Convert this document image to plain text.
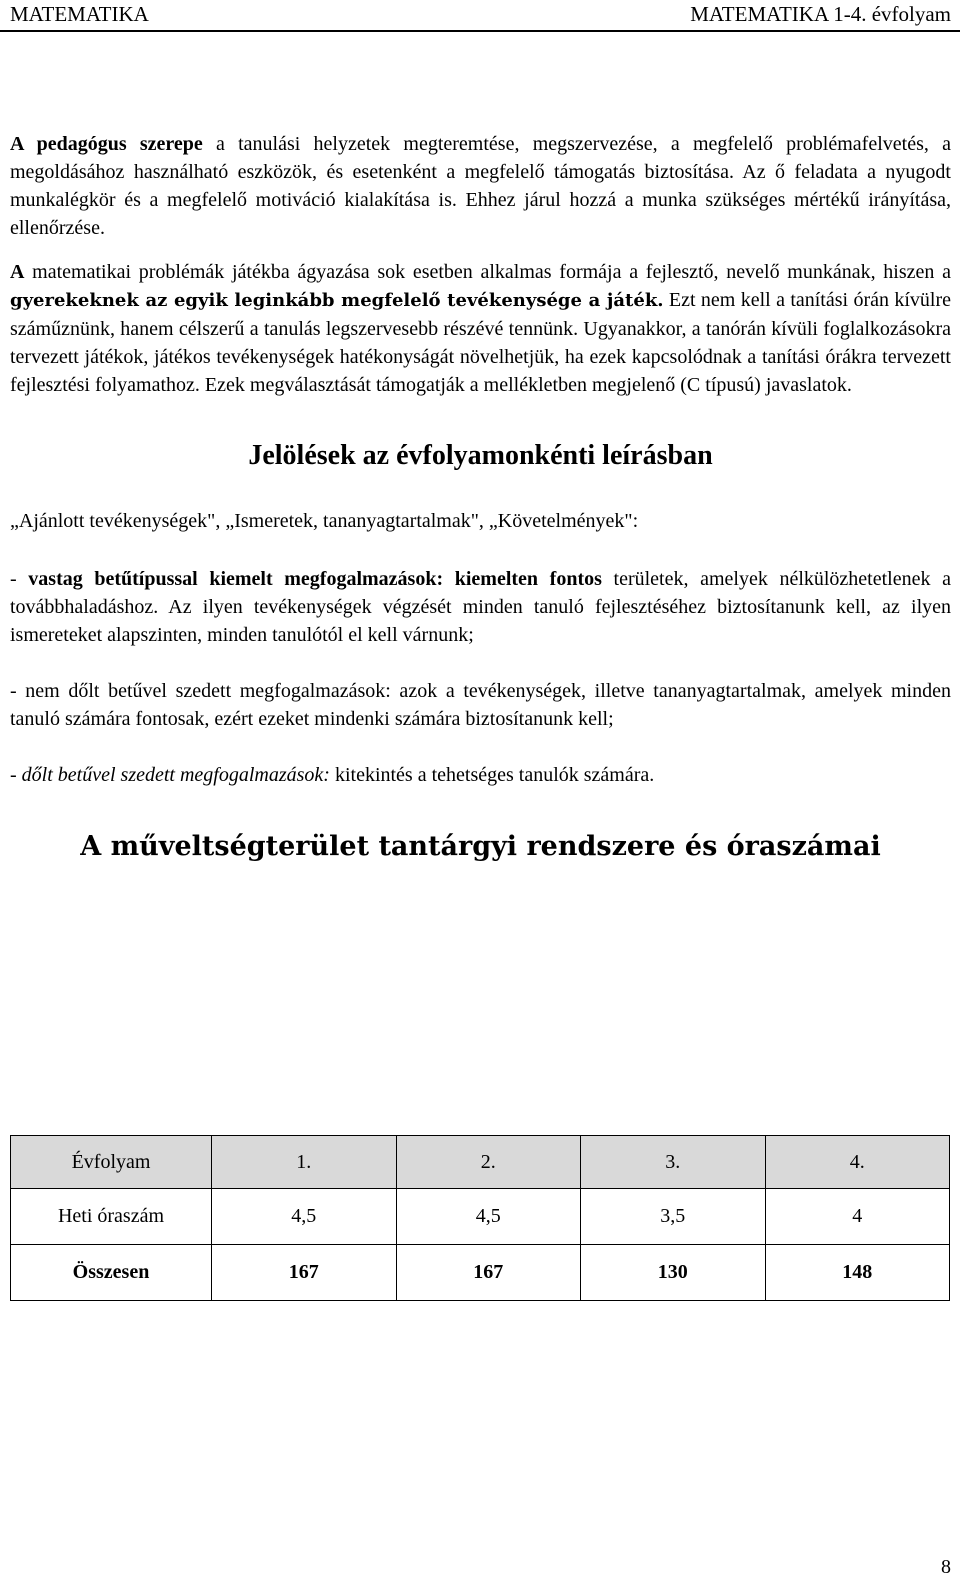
MATEMATIKA	MATEMATIKA 1-4. évfolyam

A pedagógus szerepe a tanulási helyzetek megteremtése, megszervezése, a megfelelő problémafelvetés, a megoldásához használható eszközök, és esetenként a megfelelő támogatás biztosítása. Az ő feladata a nyugodt munkalégkör és a megfelelő motiváció kialakítása is. Ehhez járul hozzá a munka szükséges mértékű irányítása, ellenőrzése.

A matematikai problémák játékba ágyazása sok esetben alkalmas formája a fejlesztő, nevelő munkának, hiszen a gyerekeknek az egyik leginkább megfelelő tevékenysége a játék. Ezt nem kell a tanítási órán kívülre száműznünk, hanem célszerű a tanulás legszervesebb részévé tennünk. Ugyanakkor, a tanórán kívüli foglalkozásokra tervezett játékok, játékos tevékenységek hatékonyságát növelhetjük, ha ezek kapcsolódnak a tanítási órákra tervezett fejlesztési folyamathoz. Ezek megválasztását támogatják a mellékletben megjelenő (C típusú) javaslatok.

Jelölések az évfolyamonkénti leírásban

„Ajánlott tevékenységek", „Ismeretek, tananyagtartalmak", „Követelmények":

- vastag betűtípussal kiemelt megfogalmazások: kiemelten fontos területek, amelyek nélkülözhetetlenek a továbbhaladáshoz. Az ilyen tevékenységek végzését minden tanuló fejlesztéséhez biztosítanunk kell, az ilyen ismereteket alapszinten, minden tanulótól el kell várnunk;

- nem dőlt betűvel szedett megfogalmazások: azok a tevékenységek, illetve tananyagtartalmak, amelyek minden tanuló számára fontosak, ezért ezeket mindenki számára biztosítanunk kell;

- dőlt betűvel szedett megfogalmazások: kitekintés a tehetséges tanulók számára.

A műveltségterület tantárgyi rendszere és óraszámai
Évfolyam	1.	2.	3.	4.
Heti óraszám	4,5	4,5	3,5	4
Összesen	167	167	130	148
8
